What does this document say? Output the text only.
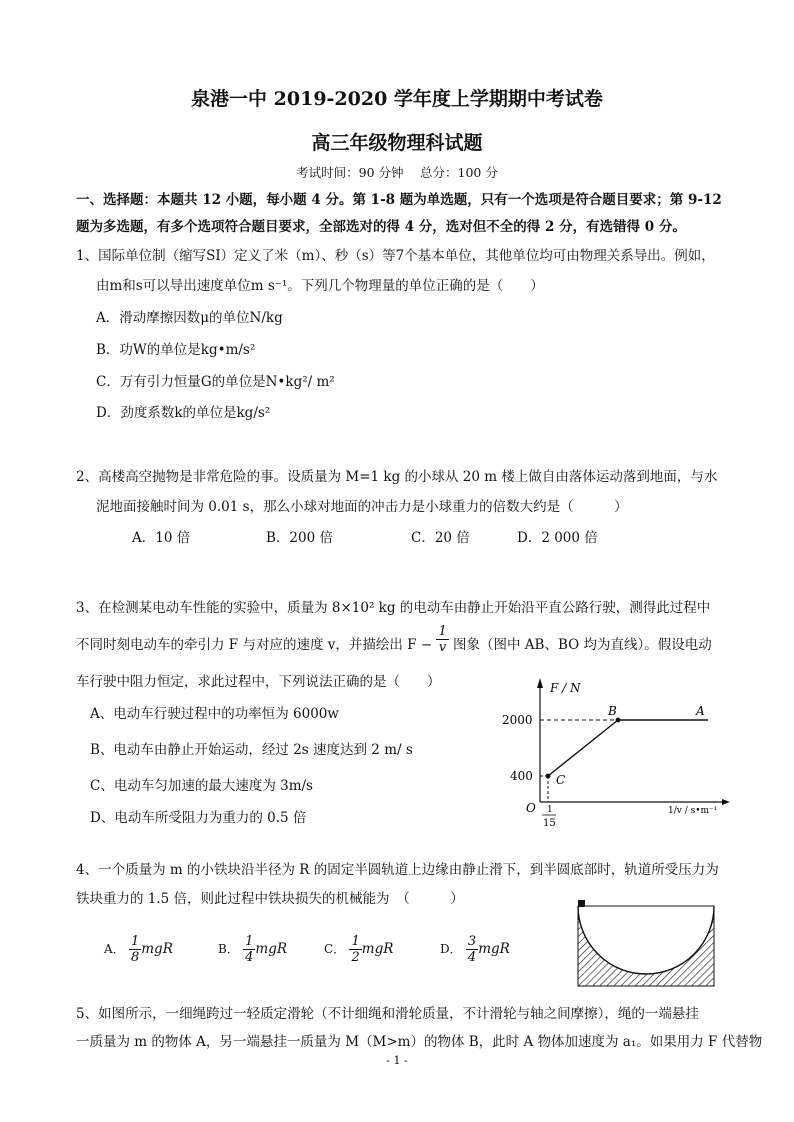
泉港一中 2019-2020 学年度上学期期中考试卷
高三年级物理科试题
考试时间：90 分钟　 总分：100 分
一、选择题：本题共 12 小题，每小题 4 分。第 1-8 题为单选题，只有一个选项是符合题目要求；第 9-12
题为多选题，有多个选项符合题目要求，全部选对的得 4 分，选对但不全的得 2 分，有选错得 0 分。
1、国际单位制（缩写SI）定义了米（m）、秒（s）等7个基本单位，其他单位均可由物理关系导出。例如，
由m和s可以导出速度单位m s⁻¹。下列几个物理量的单位正确的是（　　）
A．滑动摩擦因数μ的单位N/kg
B．功W的单位是kg•m/s²
C．万有引力恒量G的单位是N•kg²/ m²
D．劲度系数k的单位是kg/s²
2、高楼高空抛物是非常危险的事。设质量为 M=1 kg 的小球从 20 m 楼上做自由落体运动落到地面，与水
泥地面接触时间为 0.01 s，那么小球对地面的冲击力是小球重力的倍数大约是（　　　）
A．10 倍	B．200 倍	C．20 倍	D．2 000 倍
3、在检测某电动车性能的实验中，质量为 8×10² kg 的电动车由静止开始沿平直公路行驶，测得此过程中
不同时刻电动车的牵引力 F 与对应的速度 v，并描绘出 $F - \frac{1}{v}$ 图象（图中 AB、BO 均为直线）。假设电动
车行驶中阻力恒定，求此过程中，下列说法正确的是（　　）
A、电动车行驶过程中的功率恒为 6000w
B、电动车由静止开始运动，经过 2s 速度达到 2 m/ s
C、电动车匀加速的最大速度为 3m/s
D、电动车所受阻力为重力的 0.5 倍
F / N
2000
400
O
B	A
C
1
15
1/v / s•m⁻¹
4、一个质量为 m 的小铁块沿半径为 R 的固定半圆轨道上边缘由静止滑下，到半圆底部时，轨道所受压力为
铁块重力的 1.5 倍，则此过程中铁块损失的机械能为　（　　　）
A． $\frac{1}{8}$ mgR	B． $\frac{1}{4}$ mgR	C． $\frac{1}{2}$ mgR	D． $\frac{3}{4}$ mgR
5、如图所示，一细绳跨过一轻质定滑轮（不计细绳和滑轮质量，不计滑轮与轴之间摩擦），绳的一端悬挂
一质量为 m 的物体 A，另一端悬挂一质量为 M（M>m）的物体 B，此时 A 物体加速度为 a₁。如果用力 F 代替物
- 1 -
